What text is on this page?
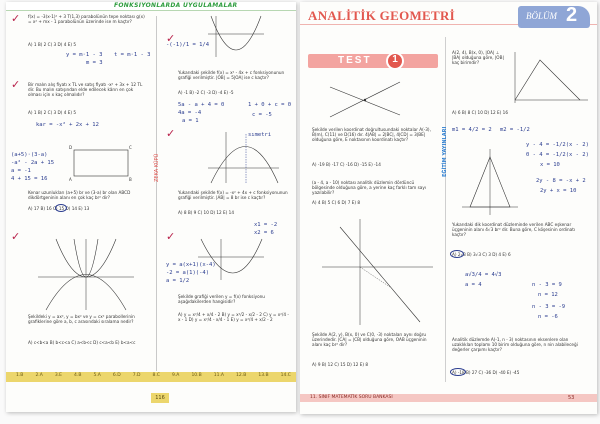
FONKSİYONLARDA UYGULAMALAR
ZEKA KÜPÜ
✓ f(x) = -3(x-1)² + 3 T(1,3) parabolünün tepe noktası g(x) = x² + mx - 1 parabolünün üzerinde ise m kaçtır?
A) 1 B) 2 C) 3 D) 4 E) 5
y = m·1 - 3
m = 3
t = m·1 - 3
✓ Bir malın alış fiyatı x TL ve satış fiyatı -x² + 3x + 12 TL dir. Bu malın satışından elde edilecek kârın en çok olması için x kaç olmalıdır?
A) 1 B) 2 C) 3 D) 4 E) 5
kar = -x² + 2x + 12
(a+5)·(3-a)
-a² - 2a + 15
a = -1
4 + 15 = 16
D	C
A	B
Kenar uzunlukları (a+5) br ve (3-a) br olan ABCD dikdörtgeninin alanı en çok kaç br² dir?
A) 17 B) 16 C) 15 D) 14 E) 13
✓
Şekildeki y = ax², y = bx² ve y = cx² parabollerinin grafiklerine göre a, b, c arasındaki sıralama nedir?
A) c<b<a B) b<c<a C) a<b<c D) c<a<b E) b<a<c
✓
-(-1)/1 = 1/4
Yukarıdaki şekilde f(x) = x² - 4x + c fonksiyonunun grafiği verilmiştir. |OB| = 5|OA| ise c kaçtır?
A) -1 B) -2 C) -3 D) -4 E) -5
5a - a + 4 = 0
4a = -4
a = 1
1 + 0 + c = 0
c = -5
✓	sımetri
Yukarıdaki şekilde f(x) = -x² + 4x + c fonksiyonunun grafiği verilmiştir. |AB| = 8 br ise c kaçtır?
A) 8 B) 9 C) 10 D) 12 E) 14
x1 = -2
x2 = 6
✓
y = a(x+1)(x-4)
-2 = a(1)(-4)
a = 1/2
Şekilde grafiği verilen y = f(x) fonksiyonu aşağıdakilerden hangisidir?
A) y = x²/4 + x/4 - 2 B) y = x²/2 - x/2 - 2 C) y = x²/4 - x - 1 D) y = x²/4 - x/4 - 1 E) y = x²/4 + x/2 - 2
1.B	2.A	3.E	4.B	5.A	6.D	7.D	8.C	9.A	10.B	11.A	12.B	13.B	14.C
116
ANALİTİK GEOMETRİ	BÖLÜM 2
TEST	1
EĞİTİM YAYINLARI
Şekilde verilen koordinat doğrultusundaki noktalar A(-3), B(m), C(11) ve D(16) dır. 4|AB| = 2|BC|, 4|CD| = 3|BE| olduğuna göre, E noktasının koordinatı kaçtır?
A) -19 B) -17 C) -16 D) -15 E) -14
(a - 4, a - 10) noktası analitik düzlemin dördüncü bölgesinde olduğuna göre, a yerine kaç farklı tam sayı yazılabilir?
A) 4 B) 5 C) 6 D) 7 E) 8
Şekilde A(2, y), B(x, 0) ve C(0, -3) noktaları aynı doğru üzerindedir. |CA| = |CB| olduğuna göre, OAB üçgeninin alanı kaç br² dir?
A) 9 B) 12 C) 15 D) 12 E) 8
A(2, 4), B(x, 0), |OA| ⊥ |BA| olduğuna göre, |OB| kaç birimdir?
A) 6 B) 8 C) 10 D) 12 E) 16
m1 = 4/2 = 2 m2 = -1/2
y - 4 = -1/2(x - 2)
0 - 4 = -1/2(x - 2)
x = 10
2y - 8 = -x + 2
2y + x = 10
Yukarıdaki dik koordinat düzleminde verilen ABC eşkenar üçgeninin alanı 4√3 br² dir. Buna göre, C köşesinin ordinatı kaçtır?
A) 2√3 B) 3√3 C) 3 D) 4 E) 6
a√3/4 = 4√3
a = 4	n - 3 = 9
n = 12
n - 3 = -9
n = -6
Analitik düzlemde A(-1, n - 3) noktasının eksenlere olan uzaklıkları toplamı 10 birim olduğuna göre, n nin alabileceği değerler çarpımı kaçtır?
A) -18 B) 27 C) -36 D) -40 E) -45
11. SINIF MATEMATİK SORU BANKASI	53
